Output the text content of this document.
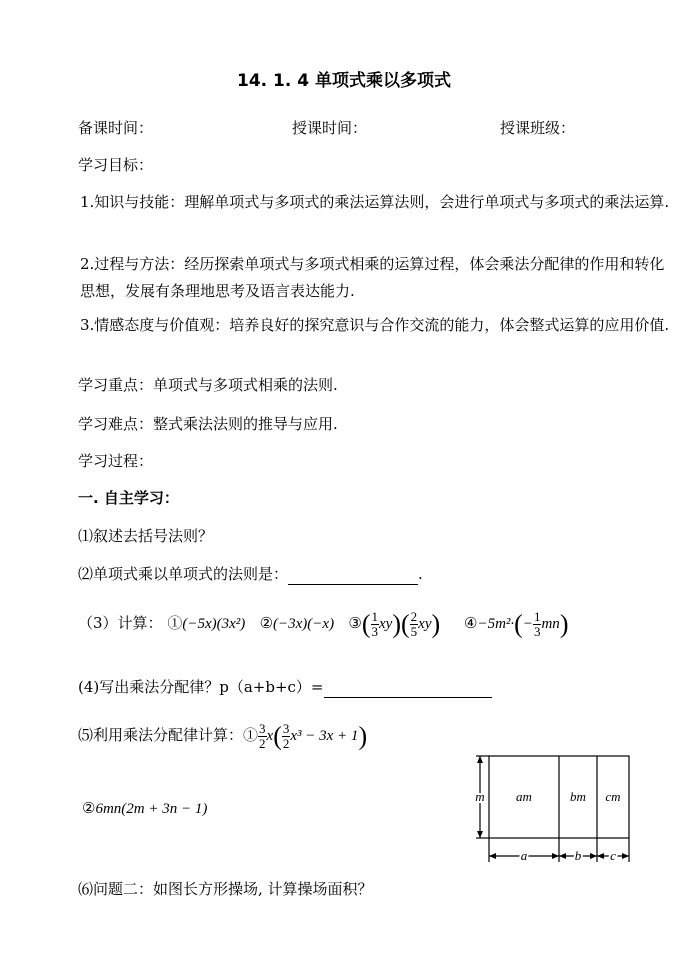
14. 1. 4 单项式乘以多项式
备课时间：	授课时间：	授课班级：
学习目标：
1.知识与技能：理解单项式与多项式的乘法运算法则，会进行单项式与多项式的乘法运算.
2.过程与方法：经历探索单项式与多项式相乘的运算过程，体会乘法分配律的作用和转化思想，发展有条理地思考及语言表达能力.
3.情感态度与价值观：培养良好的探究意识与合作交流的能力，体会整式运算的应用价值.
学习重点：单项式与多项式相乘的法则.
学习难点：整式乘法法则的推导与应用.
学习过程：
一. 自主学习：
⑴叙述去括号法则？
⑵单项式乘以单项式的法则是：	.
（3）计算： ①(−5x)(3x²) ②(−3x)(−x) ③( $\frac{1}{3} xy)( \frac{2}{5} xy)$ ④−5m²·(− $\frac{1}{3} mn$)
(4)写出乘法分配律？p（a+b+c）=
⑸利用乘法分配律计算：① $\frac{3}{2} x( \frac{3}{2} x^3 - 3x + 1)$
②6mn(2m + 3n − 1)
⑹问题二：如图长方形操场, 计算操场面积？
m am	bm cm
a	b c
